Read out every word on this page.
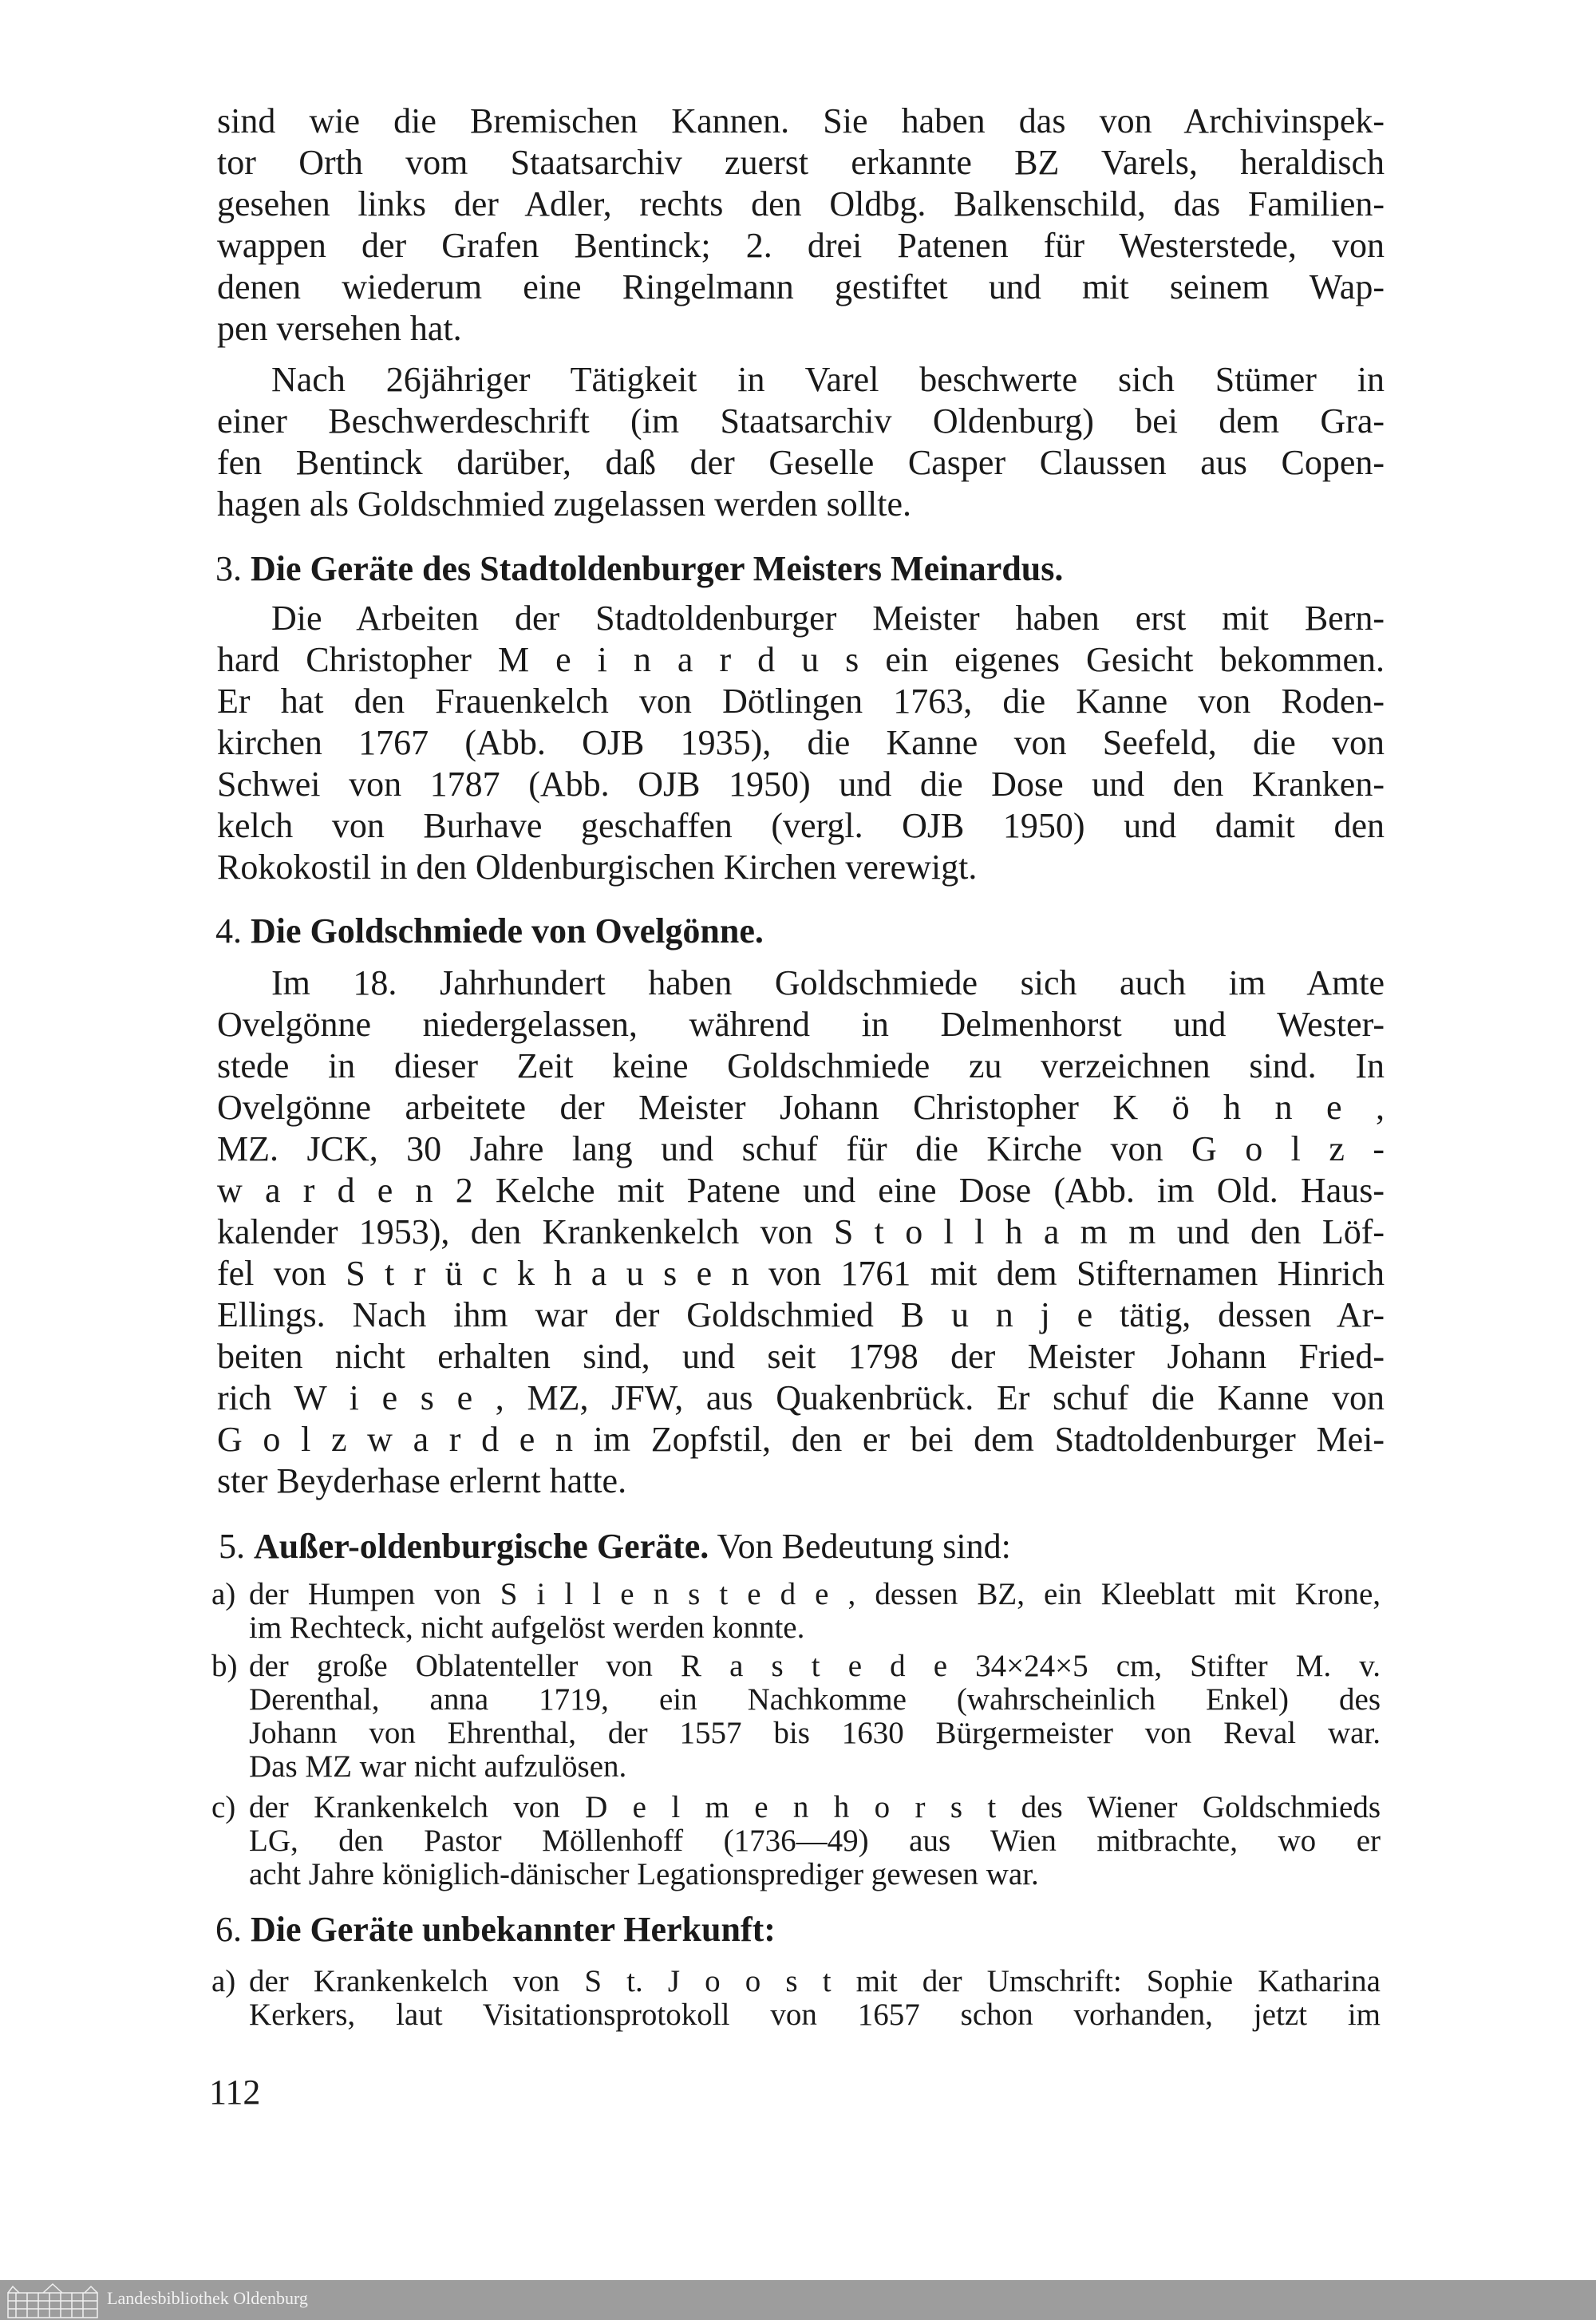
sind wie die Bremischen Kannen. Sie haben das von Archivinspek-
tor Orth vom Staatsarchiv zuerst erkannte BZ Varels, heraldisch
gesehen links der Adler, rechts den Oldbg. Balkenschild, das Familien-
wappen der Grafen Bentinck; 2. drei Patenen für Westerstede, von
denen wiederum eine Ringelmann gestiftet und mit seinem Wap-
pen versehen hat.
Nach 26jähriger Tätigkeit in Varel beschwerte sich Stümer in
einer Beschwerdeschrift (im Staatsarchiv Oldenburg) bei dem Gra-
fen Bentinck darüber, daß der Geselle Casper Claussen aus Copen-
hagen als Goldschmied zugelassen werden sollte.
3. Die Geräte des Stadtoldenburger Meisters Meinardus.
Die Arbeiten der Stadtoldenburger Meister haben erst mit Bern-
hard Christopher M e i n a r d u s ein eigenes Gesicht bekommen.
Er hat den Frauenkelch von Dötlingen 1763, die Kanne von Roden-
kirchen 1767 (Abb. OJB 1935), die Kanne von Seefeld, die von
Schwei von 1787 (Abb. OJB 1950) und die Dose und den Kranken-
kelch von Burhave geschaffen (vergl. OJB 1950) und damit den
Rokokostil in den Oldenburgischen Kirchen verewigt.
4. Die Goldschmiede von Ovelgönne.
Im 18. Jahrhundert haben Goldschmiede sich auch im Amte
Ovelgönne niedergelassen, während in Delmenhorst und Wester-
stede in dieser Zeit keine Goldschmiede zu verzeichnen sind. In
Ovelgönne arbeitete der Meister Johann Christopher K ö h n e ,
MZ. JCK, 30 Jahre lang und schuf für die Kirche von G o l z -
w a r d e n 2 Kelche mit Patene und eine Dose (Abb. im Old. Haus-
kalender 1953), den Krankenkelch von S t o l l h a m m und den Löf-
fel von S t r ü c k h a u s e n von 1761 mit dem Stifternamen Hinrich
Ellings. Nach ihm war der Goldschmied B u n j e tätig, dessen Ar-
beiten nicht erhalten sind, und seit 1798 der Meister Johann Fried-
rich W i e s e , MZ, JFW, aus Quakenbrück. Er schuf die Kanne von
G o l z w a r d e n im Zopfstil, den er bei dem Stadtoldenburger Mei-
ster Beyderhase erlernt hatte.
5. Außer-oldenburgische Geräte. Von Bedeutung sind:
a) der Humpen von S i l l e n s t e d e , dessen BZ, ein Kleeblatt mit Krone,
im Rechteck, nicht aufgelöst werden konnte.
b) der große Oblatenteller von R a s t e d e 34×24×5 cm, Stifter M. v.
Derenthal, anna 1719, ein Nachkomme (wahrscheinlich Enkel) des
Johann von Ehrenthal, der 1557 bis 1630 Bürgermeister von Reval war.
Das MZ war nicht aufzulösen.
c) der Krankenkelch von D e l m e n h o r s t des Wiener Goldschmieds
LG, den Pastor Möllenhoff (1736—49) aus Wien mitbrachte, wo er
acht Jahre königlich-dänischer Legationsprediger gewesen war.
6. Die Geräte unbekannter Herkunft:
a) der Krankenkelch von S t. J o o s t mit der Umschrift: Sophie Katharina
Kerkers, laut Visitationsprotokoll von 1657 schon vorhanden, jetzt im
112
Landesbibliothek Oldenburg
